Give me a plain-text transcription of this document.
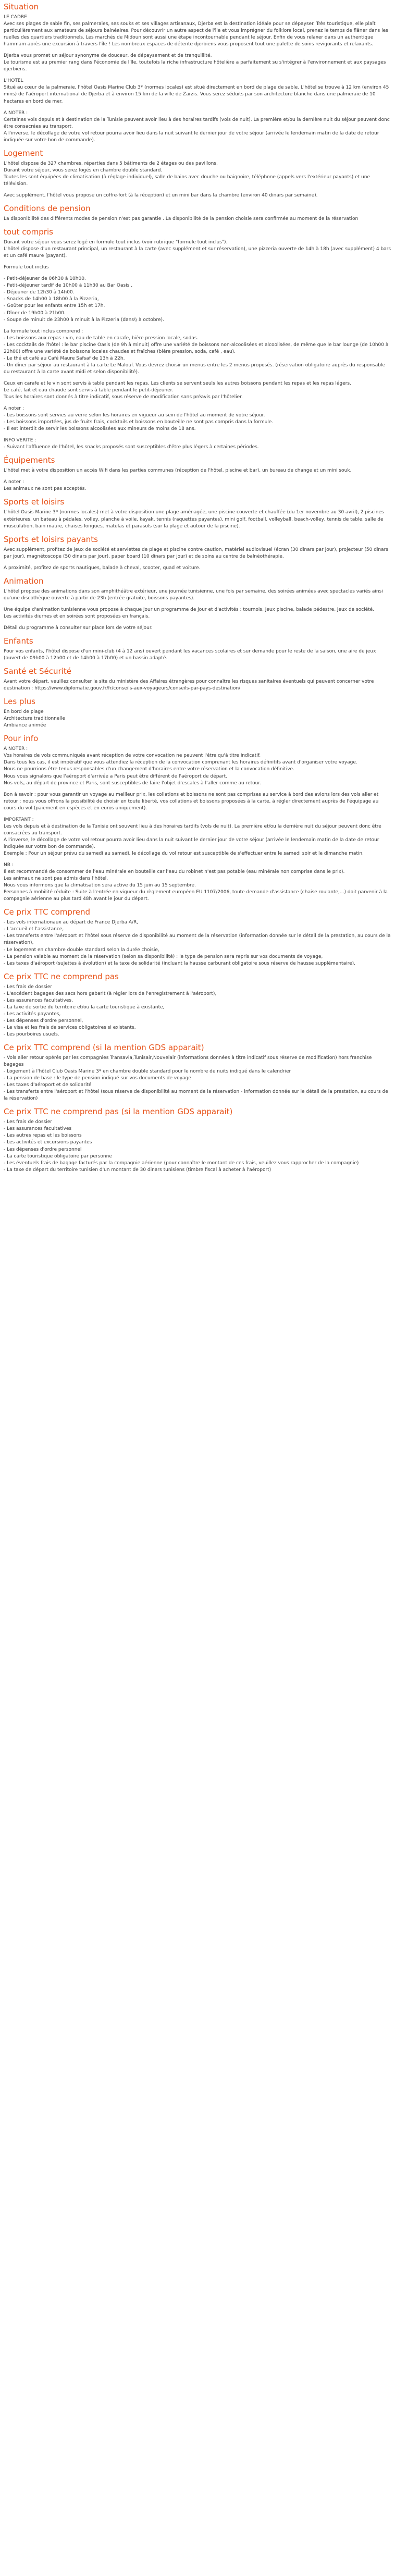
Situation

LE CADRE
Avec ses plages de sable fin, ses palmeraies, ses souks et ses villages artisanaux, Djerba est la destination idéale pour se dépayser. Très touristique, elle plaît particulièrement aux amateurs de séjours balnéaires. Pour découvrir un autre aspect de l'île et vous imprégner du folklore local, prenez le temps de flâner dans les ruelles des quartiers traditionnels. Les marchés de Midoun sont aussi une étape incontournable pendant le séjour. Enfin de vous relaxer dans un authentique hammam après une excursion à travers l'île ! Les nombreux espaces de détente djerbiens vous proposent tout une palette de soins revigorants et relaxants.

Djerba vous promet un séjour synonyme de douceur, de dépaysement et de tranquillité.
Le tourisme est au premier rang dans l'économie de l'île, toutefois la riche infrastructure hôtelière a parfaitement su s'intégrer à l'environnement et aux paysages djerbiens.

L'HOTEL
Situé au cœur de la palmeraie, l'hôtel Oasis Marine Club 3* (normes locales) est situé directement en bord de plage de sable. L'hôtel se trouve à 12 km (environ 45 mins) de l'aéroport international de Djerba et à environ 15 km de la ville de Zarzis. Vous serez séduits par son architecture blanche dans une palmeraie de 10 hectares en bord de mer.

A NOTER :
Certaines vols depuis et à destination de la Tunisie peuvent avoir lieu à des horaires tardifs (vols de nuit). La première et/ou la dernière nuit du séjour peuvent donc être consacrées au transport.
A l'inverse, le décollage de votre vol retour pourra avoir lieu dans la nuit suivant le dernier jour de votre séjour (arrivée le lendemain matin de la date de retour indiquée sur votre bon de commande).

Logement

L'hôtel dispose de 327 chambres, réparties dans 5 bâtiments de 2 étages ou des pavillons.
Durant votre séjour, vous serez logés en chambre double standard.
Toutes les sont équipées de climatisation (à réglage individuel), salle de bains avec douche ou baignoire, téléphone (appels vers l'extérieur payants) et une télévision.

Avec supplément, l'hôtel vous propose un coffre-fort (à la réception) et un mini bar dans la chambre (environ 40 dinars par semaine).

Conditions de pension

La disponibilité des différents modes de pension n'est pas garantie . La disponibilité de la pension choisie sera confirmée au moment de la réservation

tout compris

Durant votre séjour vous serez logé en formule tout inclus (voir rubrique "formule tout inclus").
L'hôtel dispose d'un restaurant principal, un restaurant à la carte (avec supplément et sur réservation), une pizzeria ouverte de 14h à 18h (avec supplément) 4 bars et un café maure (payant).

Formule tout inclus

- Petit-déjeuner de 06h30 à 10h00.
- Petit-déjeuner tardif de 10h00 à 11h30 au Bar Oasis ,
- Déjeuner de 12h30 à 14h00.
- Snacks de 14h00 à 18h00 à la Pizzeria,
- Goûter pour les enfants entre 15h et 17h.
- Dîner de 19h00 à 21h00.
- Soupe de minuit de 23h00 à minuit à la Pizzeria (dans\\ à octobre).

La formule tout inclus comprend :
- Les boissons aux repas : vin, eau de table en carafe, bière pression locale, sodas.
- Les cocktails de l'hôtel : le bar piscine Oasis (de 9h à minuit) offre une variété de boissons non-alcoolisées et alcoolisées, de même que le bar lounge (de 10h00 à 22h00) offre une variété de boissons locales chaudes et fraîches (bière pression, soda, café , eau).
- Le thé et café au Café Maure Safsaf de 13h à 22h.
- Un dîner par séjour au restaurant à la carte Le Malouf. Vous devrez choisir un menus entre les 2 menus proposés. (réservation obligatoire auprès du responsable du restaurant à la carte avant midi et selon disponibilité).

Ceux en carafe et le vin sont servis à table pendant les repas. Les clients se servent seuls les autres boissons pendant les repas et les repas légers.
Le café, lait et eau chaude sont servis à table pendant le petit-déjeuner.
Tous les horaires sont donnés à titre indicatif, sous réserve de modification sans préavis par l'hôtelier.

A noter :
- Les boissons sont servies au verre selon les horaires en vigueur au sein de l'hôtel au moment de votre séjour.
- Les boissons importées, jus de fruits frais, cocktails et boissons en bouteille ne sont pas compris dans la formule.
- Il est interdit de servir les boissons alcoolisées aux mineurs de moins de 18 ans.

INFO VERITE :
- Suivant l'affluence de l'hôtel, les snacks proposés sont susceptibles d'être plus légers à certaines périodes.

Équipements

L'hôtel met à votre disposition un accès Wifi dans les parties communes (réception de l'hôtel, piscine et bar), un bureau de change et un mini souk.

A noter :
Les animaux ne sont pas acceptés.

Sports et loisirs

L'hôtel Oasis Marine 3* (normes locales) met à votre disposition une plage aménagée, une piscine couverte et chauffée (du 1er novembre au 30 avril), 2 piscines extérieures, un bateau à pédales, volley, planche à voile, kayak, tennis (raquettes payantes), mini golf, football, volleyball, beach-volley, tennis de table, salle de musculation, bain maure, chaises longues, matelas et parasols (sur la plage et autour de la piscine).

Sports et loisirs payants

Avec supplément, profitez de jeux de société et serviettes de plage et piscine contre caution, matériel audiovisuel (écran (30 dinars par jour), projecteur (50 dinars par jour), magnétoscope (50 dinars par jour), paper board (10 dinars par jour) et de soins au centre de balnéothérapie.

A proximité, profitez de sports nautiques, balade à cheval, scooter, quad et voiture.

Animation

L'hôtel propose des animations dans son amphithéâtre extérieur, une journée tunisienne, une fois par semaine, des soirées animées avec spectacles variés ainsi qu'une discothèque ouverte à partir de 23h (entrée gratuite, boissons payantes).

Une équipe d'animation tunisienne vous propose à chaque jour un programme de jour et d'activités : tournois, jeux piscine, balade pédestre, jeux de société.
Les activités diurnes et en soirées sont proposées en français.

Détail du programme à consulter sur place lors de votre séjour.

Enfants

Pour vos enfants, l'hôtel dispose d'un mini-club (4 à 12 ans) ouvert pendant les vacances scolaires et sur demande pour le reste de la saison, une aire de jeux (ouvert de 09h00 à 12h00 et de 14h00 à 17h00) et un bassin adapté.

Santé et Sécurité

Avant votre départ, veuillez consulter le site du ministère des Affaires étrangères pour connaître les risques sanitaires éventuels qui peuvent concerner votre destination : https://www.diplomatie.gouv.fr/fr/conseils-aux-voyageurs/conseils-par-pays-destination/

Les plus

En bord de plage
Architecture traditionnelle
Ambiance animée

Pour info

A NOTER :
Vos horaires de vols communiqués avant réception de votre convocation ne peuvent l'être qu'à titre indicatif.
Dans tous les cas, il est impératif que vous attendiez la réception de la convocation comprenant les horaires définitifs avant d'organiser votre voyage.
Nous ne pourrions être tenus responsables d'un changement d'horaires entre votre réservation et la convocation définitive.
Nous vous signalons que l'aéroport d'arrivée a Paris peut être différent de l'aéroport de départ.
Nos vols, au départ de province et Paris, sont susceptibles de faire l'objet d'escales à l'aller comme au retour.

Bon à savoir : pour vous garantir un voyage au meilleur prix, les collations et boissons ne sont pas comprises au service à bord des avions lors des vols aller et retour ; nous vous offrons la possibilité de choisir en toute liberté, vos collations et boissons proposées à la carte, à régler directement auprès de l'équipage au cours du vol (paiement en espèces et en euros uniquement).

IMPORTANT :
Les vols depuis et à destination de la Tunisie ont souvent lieu à des horaires tardifs (vols de nuit). La première et/ou la dernière nuit du séjour peuvent donc être consacrées au transport.
A l'inverse, le décollage de votre vol retour pourra avoir lieu dans la nuit suivant le dernier jour de votre séjour (arrivée le lendemain matin de la date de retour indiquée sur votre bon de commande).
Exemple : Pour un séjour prévu du samedi au samedi, le décollage du vol retour est susceptible de s'effectuer entre le samedi soir et le dimanche matin.

NB :
Il est recommandé de consommer de l'eau minérale en bouteille car l'eau du robinet n'est pas potable (eau minérale non comprise dans le prix).
Les animaux ne sont pas admis dans l'hôtel.
Nous vous informons que la climatisation sera active du 15 juin au 15 septembre.
Personnes à mobilité réduite : Suite à l'entrée en vigueur du règlement européen EU 1107/2006, toute demande d'assistance (chaise roulante,...) doit parvenir à la compagnie aérienne au plus tard 48h avant le jour du départ.

Ce prix TTC comprend

- Les vols internationaux au départ de France Djerba A/R,
- L'accueil et l'assistance,
- Les transferts entre l'aéroport et l'hôtel sous réserve de disponibilité au moment de la réservation (information donnée sur le détail de la prestation, au cours de la réservation),
- Le logement en chambre double standard selon la durée choisie,
- La pension valable au moment de la réservation (selon sa disponibilité) : le type de pension sera repris sur vos documents de voyage,
- Les taxes d'aéroport (sujettes à évolution) et la taxe de solidarité (incluant la hausse carburant obligatoire sous réserve de hausse supplémentaire),

Ce prix TTC ne comprend pas

- Les frais de dossier
- L'excédent bagages des sacs hors gabarit (à régler lors de l'enregistrement à l'aéroport),
- Les assurances facultatives,
- La taxe de sortie du territoire et/ou la carte touristique à existante,
- Les activités payantes,
- Les dépenses d'ordre personnel,
- Le visa et les frais de services obligatoires si existants,
- Les pourboires usuels.

Ce prix TTC comprend (si la mention GDS apparait)

- Vols aller retour opérés par les compagnies Transavia,Tunisair,Nouvelair (informations données à titre indicatif sous réserve de modification) hors franchise bagages
- Logement à l'hôtel Club Oasis Marine 3* en chambre double standard pour le nombre de nuits indiqué dans le calendrier
- La pension de base : le type de pension indiqué sur vos documents de voyage
- Les taxes d'aéroport et de solidarité
- Les transferts entre l'aéroport et l'hôtel (sous réserve de disponibilité au moment de la réservation - information donnée sur le détail de la prestation, au cours de la réservation)

Ce prix TTC ne comprend pas (si la mention GDS apparait)

- Les frais de dossier
- Les assurances facultatives
- Les autres repas et les boissons
- Les activités et excursions payantes
- Les dépenses d'ordre personnel
- La carte touristique obligatoire par personne
- Les éventuels frais de bagage facturés par la compagnie aérienne (pour connaître le montant de ces frais, veuillez vous rapprocher de la compagnie)
- La taxe de départ du territoire tunisien d'un montant de 30 dinars tunisiens (timbre fiscal à acheter à l'aéroport)
